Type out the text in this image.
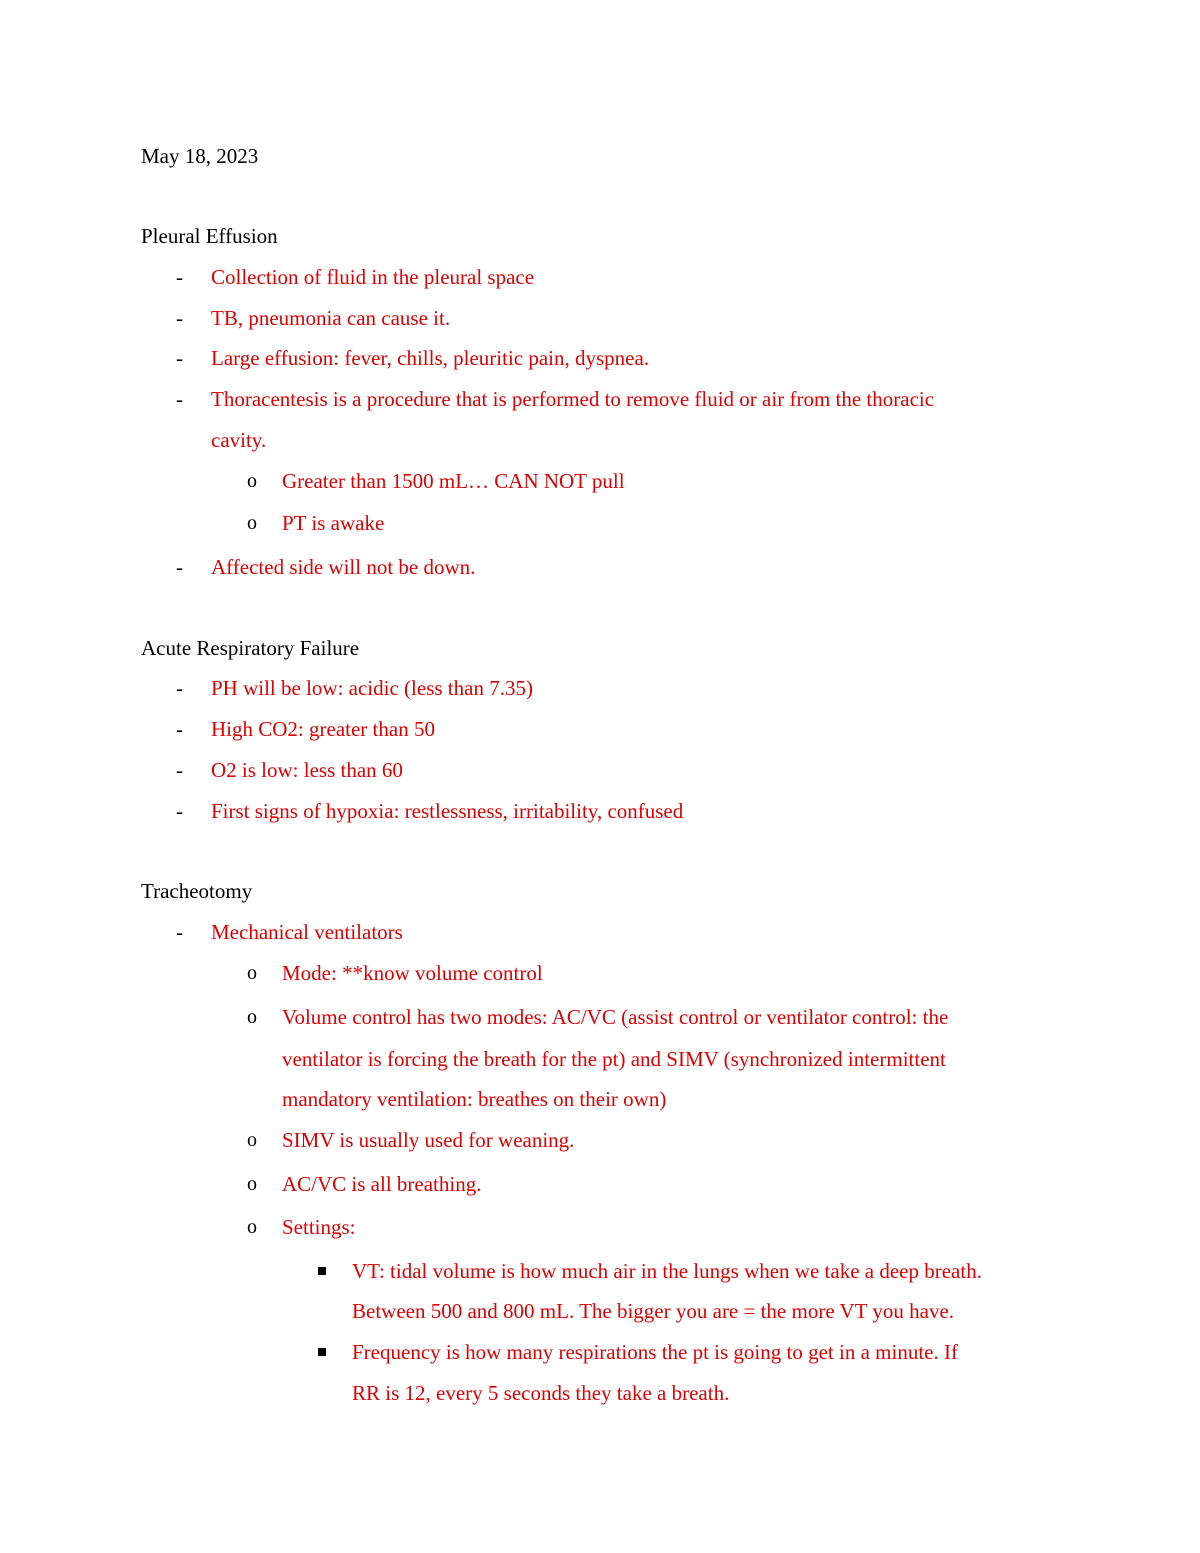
May 18, 2023
Pleural Effusion
- Collection of fluid in the pleural space
- TB, pneumonia can cause it.
- Large effusion: fever, chills, pleuritic pain, dyspnea.
- Thoracentesis is a procedure that is performed to remove fluid or air from the thoracic
cavity.
o Greater than 1500 mL… CAN NOT pull
o PT is awake
- Affected side will not be down.
Acute Respiratory Failure
- PH will be low: acidic (less than 7.35)
- High CO2: greater than 50
- O2 is low: less than 60
- First signs of hypoxia: restlessness, irritability, confused
Tracheotomy
- Mechanical ventilators
o Mode: **know volume control
o Volume control has two modes: AC/VC (assist control or ventilator control: the
ventilator is forcing the breath for the pt) and SIMV (synchronized intermittent
mandatory ventilation: breathes on their own)
o SIMV is usually used for weaning.
o AC/VC is all breathing.
o Settings:
VT: tidal volume is how much air in the lungs when we take a deep breath.
Between 500 and 800 mL. The bigger you are = the more VT you have.
Frequency is how many respirations the pt is going to get in a minute. If
RR is 12, every 5 seconds they take a breath.
